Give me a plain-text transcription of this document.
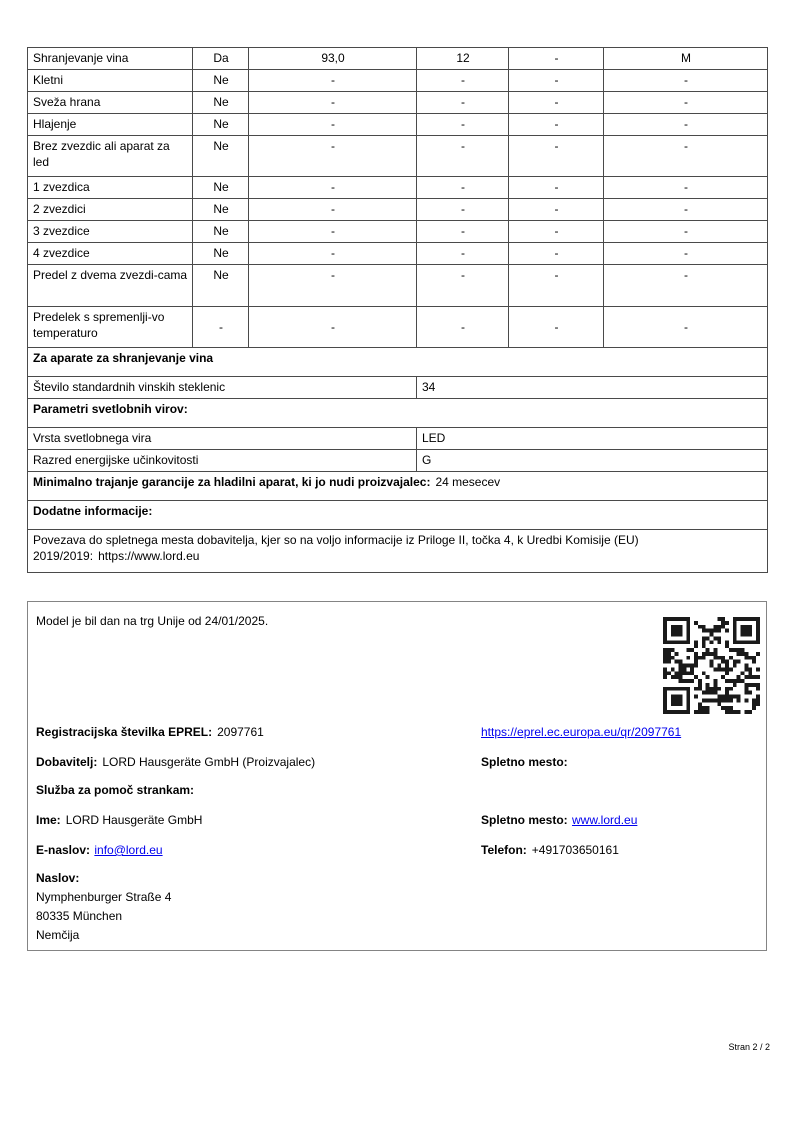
Shranjevanje vina	Da	93,0	12	-	M
Kletni	Ne	-	-	-	-
Sveža hrana	Ne	-	-	-	-
Hlajenje	Ne	-	-	-	-
Brez zvezdic ali aparat za led	Ne	-	-	-	-
1 zvezdica	Ne	-	-	-	-
2 zvezdici	Ne	-	-	-	-
3 zvezdice	Ne	-	-	-	-
4 zvezdice	Ne	-	-	-	-
Predel z dvema zvezdi-cama	Ne	-	-	-	-
Predelek s spremenlji-vo temperaturo	-	-	-	-	-
Za aparate za shranjevanje vina					
Število standardnih vinskih steklenic			34		
Parametri svetlobnih virov:					
Vrsta svetlobnega vira			LED		
Razred energijske učinkovitosti			G		
Minimalno trajanje garancije za hladilni aparat, ki jo nudi proizvajalec: 24 mesecev					
Dodatne informacije:					
Povezava do spletnega mesta dobavitelja, kjer so na voljo informacije iz Priloge II, točka 4, k Uredbi Komisije (EU) 2019/2019: https://www.lord.eu					
Model je bil dan na trg Unije od 24/01/2025.
Registracijska številka EPREL: 2097761	https://eprel.ec.europa.eu/qr/2097761
Dobavitelj: LORD Hausgeräte GmbH (Proizvajalec)	Spletno mesto:
Služba za pomoč strankam:
Ime: LORD Hausgeräte GmbH	Spletno mesto: www.lord.eu
E-naslov: info@lord.eu	Telefon: +491703650161
Naslov:
Nymphenburger Straße 4
80335 München
Nemčija
Stran 2 / 2
